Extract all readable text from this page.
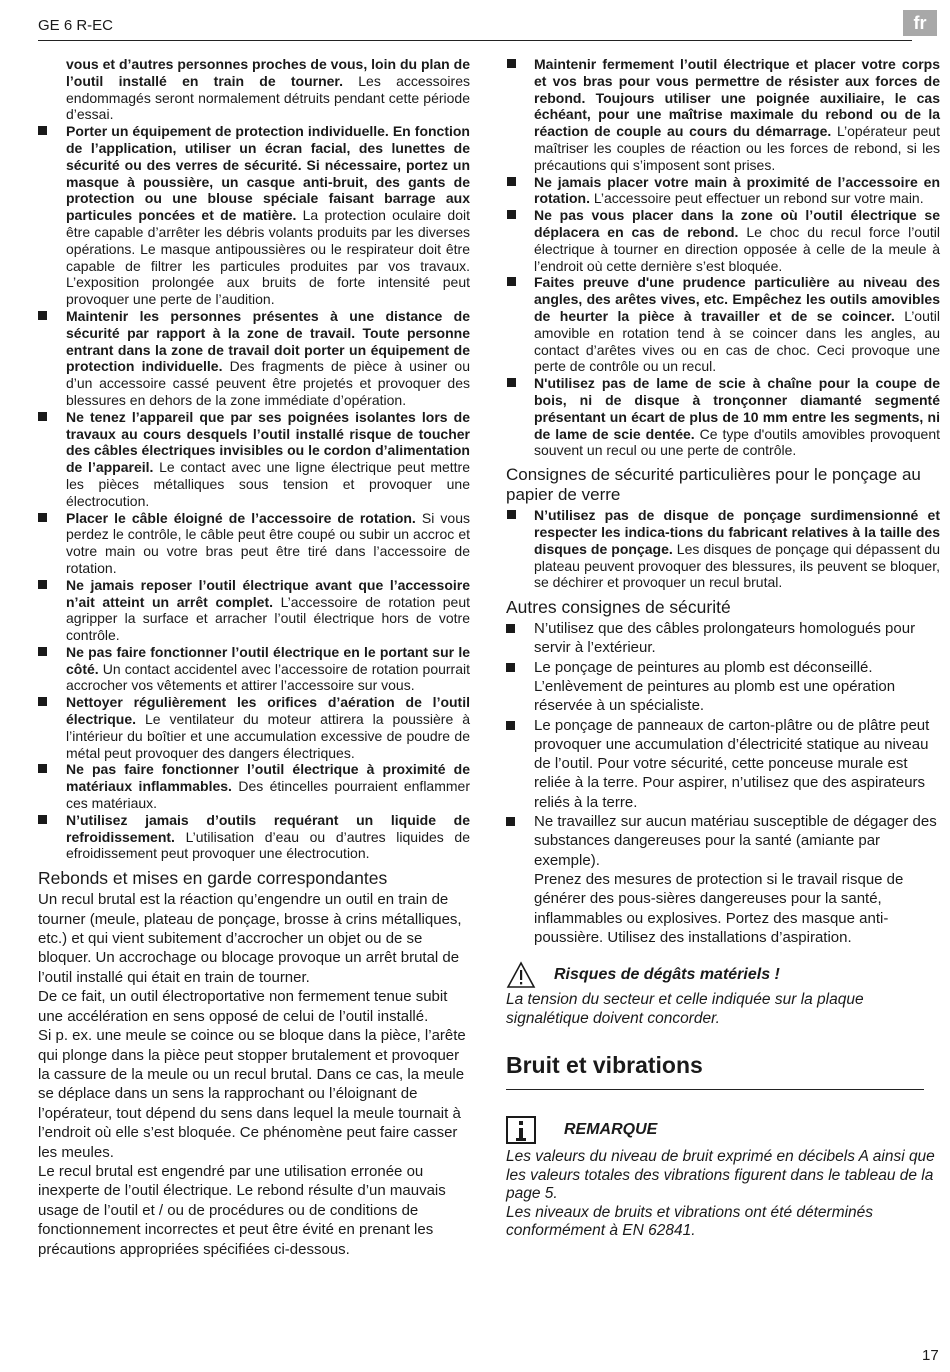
GE 6 R-EC	fr
vous et d’autres personnes proches de vous, loin du plan de l’outil installé en train de tourner. Les accessoires endommagés seront normalement détruits pendant cette période d’essai.
Porter un équipement de protection individuelle. En fonction de l’application, utiliser un écran facial, des lunettes de sécurité ou des verres de sécurité. Si nécessaire, portez un masque à poussière, un casque anti-bruit, des gants de protection ou une blouse spéciale faisant barrage aux particules poncées et de matière. La protection oculaire doit être capable d’arrêter les débris volants produits par les diverses opérations. Le masque antipoussières ou le respirateur doit être capable de filtrer les particules produites par vos travaux. L’exposition prolongée aux bruits de forte intensité peut provoquer une perte de l’audition.
Maintenir les personnes présentes à une distance de sécurité par rapport à la zone de travail. Toute personne entrant dans la zone de travail doit porter un équipement de protection individuelle. Des fragments de pièce à usiner ou d’un accessoire cassé peuvent être projetés et provoquer des blessures en dehors de la zone immédiate d’opération.
Ne tenez l’appareil que par ses poignées isolantes lors de travaux au cours desquels l’outil installé risque de toucher des câbles électriques invisibles ou le cordon d’alimentation de l’appareil. Le contact avec une ligne électrique peut mettre les pièces métalliques sous tension et provoquer une électrocution.
Placer le câble éloigné de l’accessoire de rotation. Si vous perdez le contrôle, le câble peut être coupé ou subir un accroc et votre main ou votre bras peut être tiré dans l’accessoire de rotation.
Ne jamais reposer l’outil électrique avant que l’accessoire n’ait atteint un arrêt complet. L’accessoire de rotation peut agripper la surface et arracher l’outil électrique hors de votre contrôle.
Ne pas faire fonctionner l’outil électrique en le portant sur le côté. Un contact accidentel avec l’accessoire de rotation pourrait accrocher vos vêtements et attirer l’accessoire sur vous.
Nettoyer régulièrement les orifices d’aération de l’outil électrique. Le ventilateur du moteur attirera la poussière à l’intérieur du boîtier et une accumulation excessive de poudre de métal peut provoquer des dangers électriques.
Ne pas faire fonctionner l’outil électrique à proximité de matériaux inflammables. Des étincelles pourraient enflammer ces matériaux.
N’utilisez jamais d’outils requérant un liquide de refroidissement. L’utilisation d’eau ou d’autres liquides de efroidissement peut provoquer une électrocution.
Rebonds et mises en garde correspondantes

Un recul brutal est la réaction qu’engendre un outil en train de tourner (meule, plateau de ponçage, brosse à crins métalliques, etc.) et qui vient subitement d’accrocher un objet ou de se bloquer. Un accrochage ou blocage provoque un arrêt brutal de l’outil installé qui était en train de tourner.

De ce fait, un outil électroportative non fermement tenue subit une accélération en sens opposé de celui de l’outil installé.

Si p. ex. une meule se coince ou se bloque dans la pièce, l’arête qui plonge dans la pièce peut stopper brutalement et provoquer la cassure de la meule ou un recul brutal. Dans ce cas, la meule se déplace dans un sens la rapprochant ou l’éloignant de l’opérateur, tout dépend du sens dans lequel la meule tournait à l’endroit où elle s’est bloquée. Ce phénomène peut faire casser les meules.

Le recul brutal est engendré par une utilisation erronée ou inexperte de l’outil électrique. Le rebond résulte d’un mauvais usage de l’outil et / ou de procédures ou de conditions de fonctionnement incorrectes et peut être évité en prenant les précautions appropriées spécifiées ci-dessous.

Maintenir fermement l’outil électrique et placer votre corps et vos bras pour vous permettre de résister aux forces de rebond. Toujours utiliser une poignée auxiliaire, le cas échéant, pour une maîtrise maximale du rebond ou de la réaction de couple au cours du démarrage. L’opérateur peut maîtriser les couples de réaction ou les forces de rebond, si les précautions qui s’imposent sont prises.
Ne jamais placer votre main à proximité de l’accessoire en rotation. L’accessoire peut effectuer un rebond sur votre main.
Ne pas vous placer dans la zone où l’outil électrique se déplacera en cas de rebond. Le choc du recul force l’outil électrique à tourner en direction opposée à celle de la meule à l’endroit où cette dernière s’est bloquée.
Faites preuve d'une prudence particulière au niveau des angles, des arêtes vives, etc. Empêchez les outils amovibles de heurter la pièce à travailler et de se coincer. L’outil amovible en rotation tend à se coincer dans les angles, au contact d’arêtes vives ou en cas de choc. Ceci provoque une perte de contrôle ou un recul.
N'utilisez pas de lame de scie à chaîne pour la coupe de bois, ni de disque à tronçonner diamanté segmenté présentant un écart de plus de 10 mm entre les segments, ni de lame de scie dentée. Ce type d'outils amovibles provoquent souvent un recul ou une perte de contrôle.
Consignes de sécurité particulières pour le ponçage au papier de verre
N’utilisez pas de disque de ponçage surdimensionné et respecter les indica-tions du fabricant relatives à la taille des disques de ponçage. Les disques de ponçage qui dépassent du plateau peuvent provoquer des blessures, ils peuvent se bloquer, se déchirer et provoquer un recul brutal.
Autres consignes de sécurité
N’utilisez que des câbles prolongateurs homologués pour servir à l’extérieur.
Le ponçage de peintures au plomb est déconseillé. L’enlèvement de peintures au plomb est une opération réservée à un spécialiste.
Le ponçage de panneaux de carton-plâtre ou de plâtre peut provoquer une accumulation d’électricité statique au niveau de l’outil. Pour votre sécurité, cette ponceuse murale est reliée à la terre. Pour aspirer, n’utilisez que des aspirateurs reliés à la terre.
Ne travaillez sur aucun matériau susceptible de dégager des substances dangereuses pour la santé (amiante par exemple).
Prenez des mesures de protection si le travail risque de générer des pous-sières dangereuses pour la santé, inflammables ou explosives. Portez des masque anti-poussière. Utilisez des installations d’aspiration.
Risques de dégâts matériels !

La tension du secteur et celle indiquée sur la plaque signalétique doivent concorder.

Bruit et vibrations
REMARQUE

Les valeurs du niveau de bruit exprimé en décibels A ainsi que les valeurs totales des vibrations figurent dans le tableau de la page 5.

Les niveaux de bruits et vibrations ont été déterminés conformément à EN 62841.

17
